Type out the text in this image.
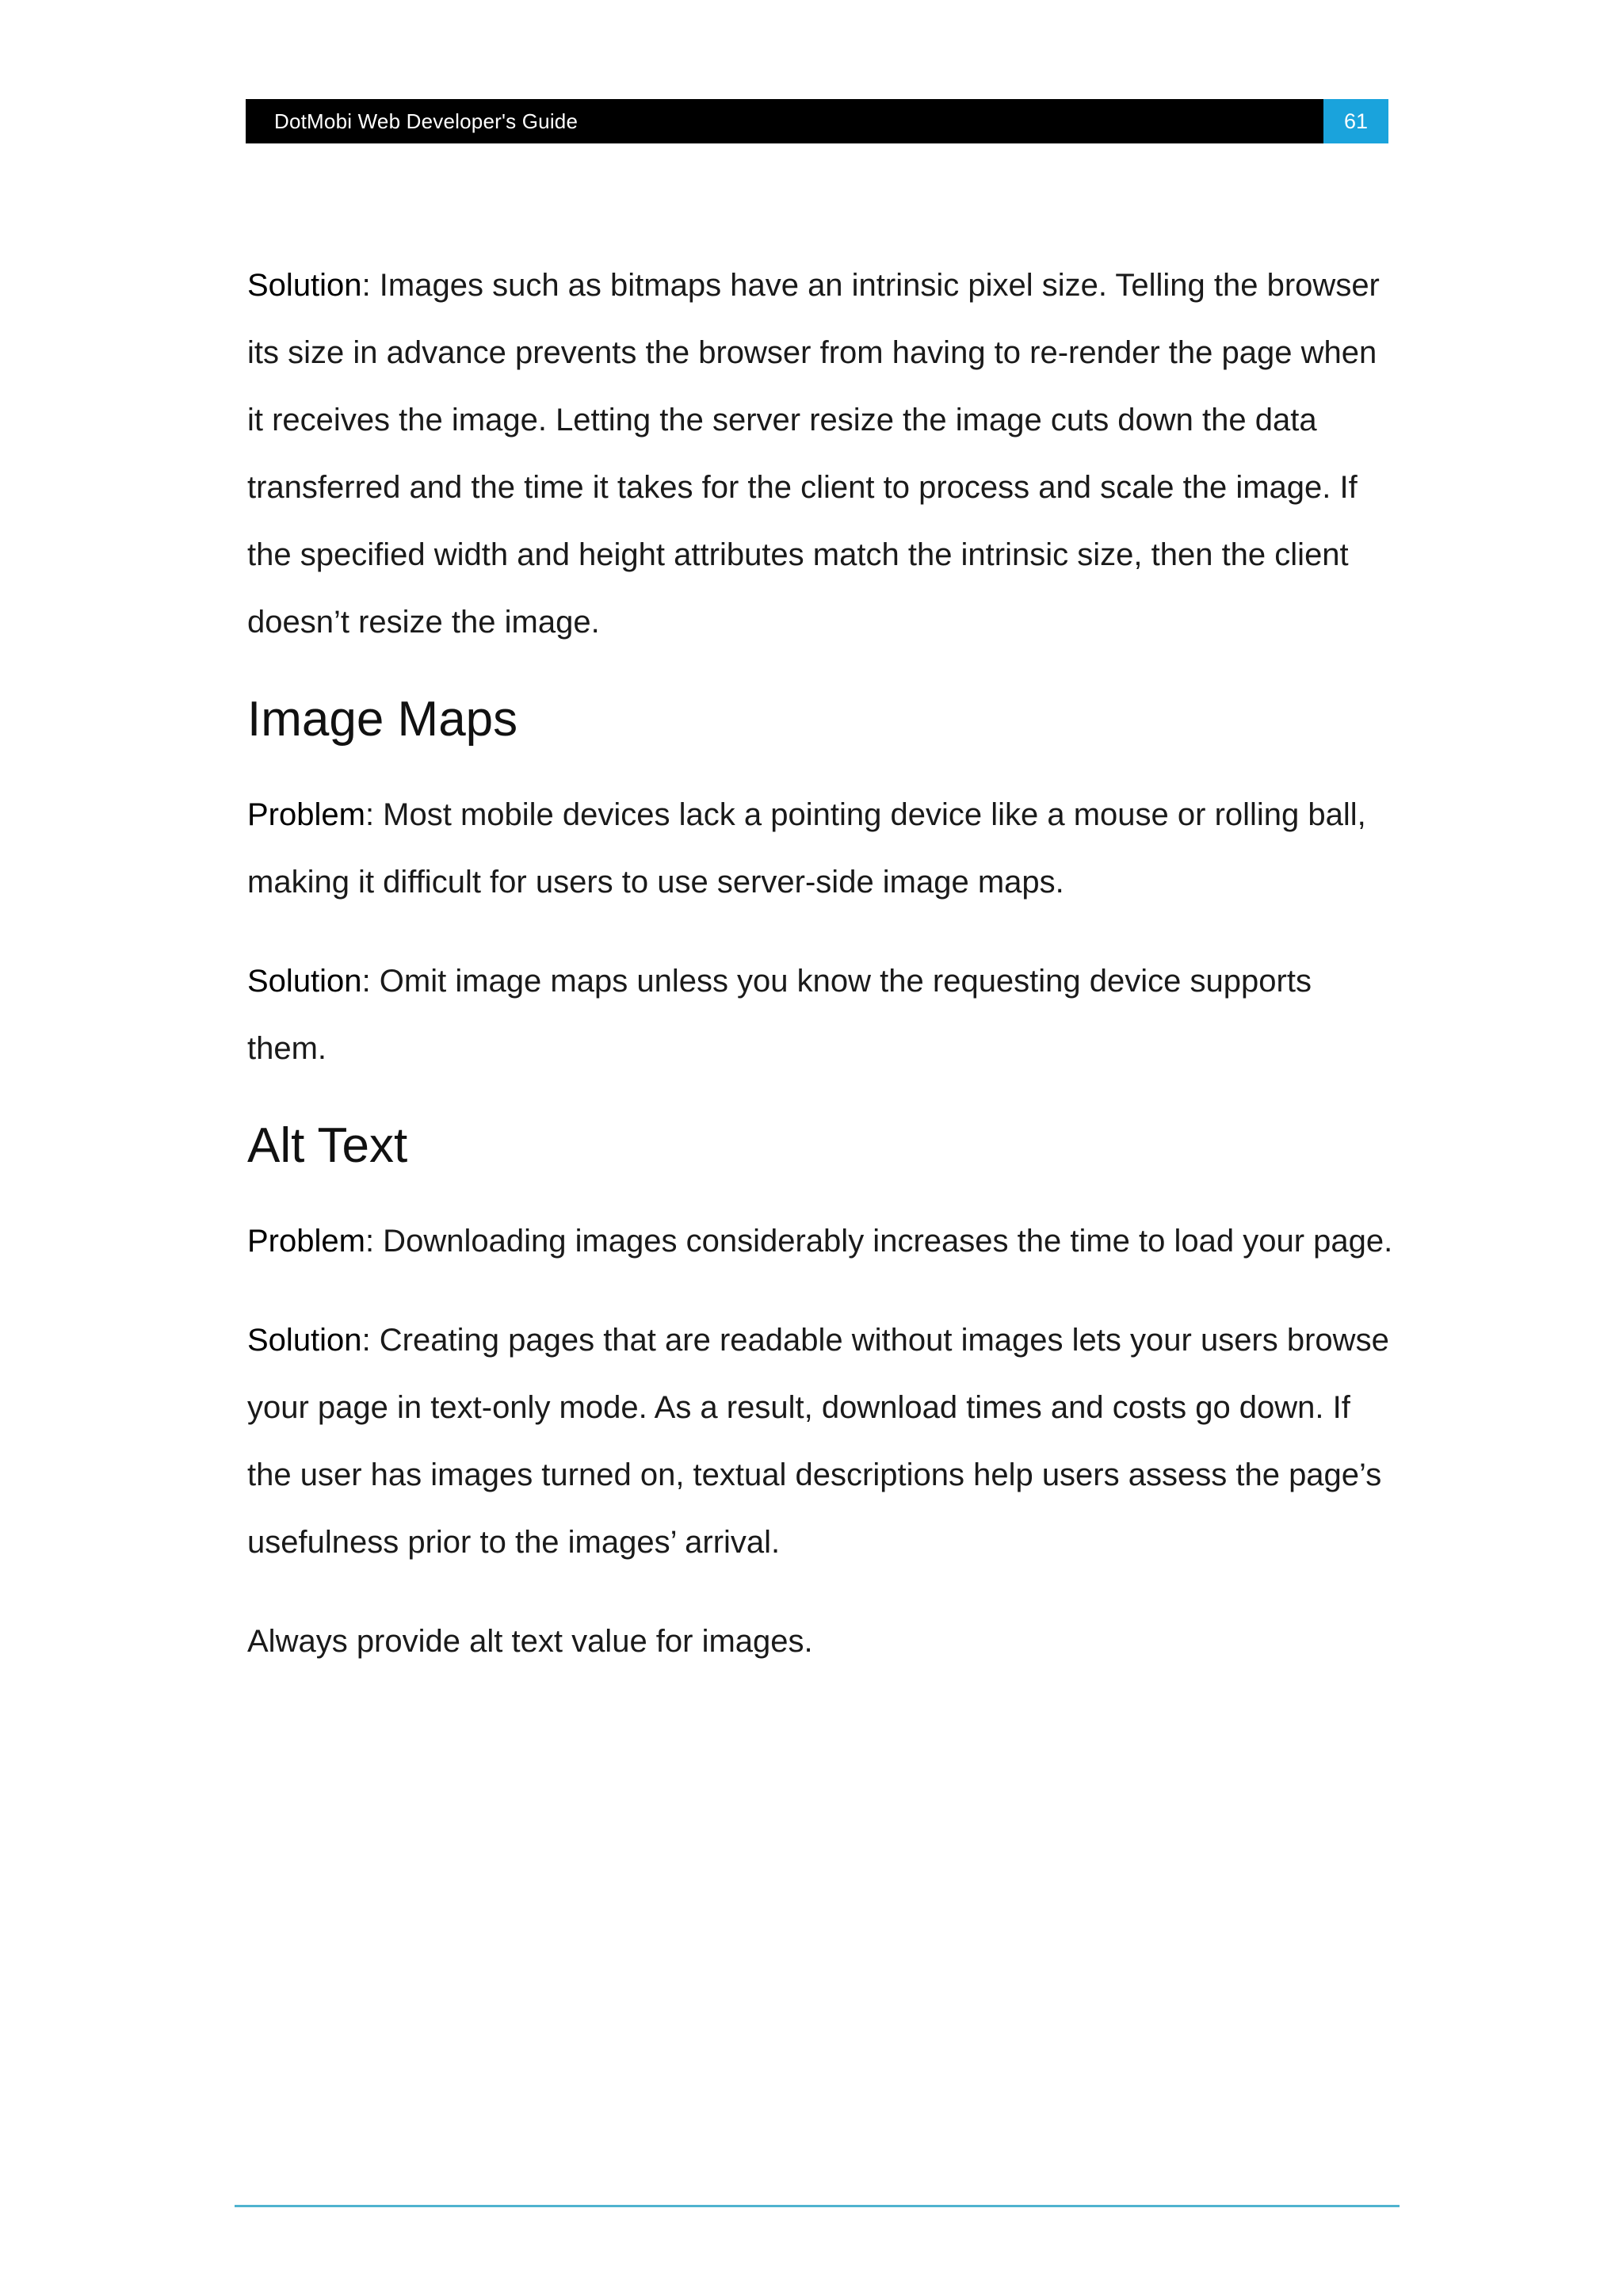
DotMobi Web Developer's Guide	61

Solution: Images such as bitmaps have an intrinsic pixel size. Telling the browser its size in advance prevents the browser from having to re-render the page when it receives the image. Letting the server resize the image cuts down the data transferred and the time it takes for the client to process and scale the image. If the specified width and height attributes match the intrinsic size, then the client doesn’t resize the image.

Image Maps

Problem: Most mobile devices lack a pointing device like a mouse or rolling ball, making it difficult for users to use server-side image maps.

Solution: Omit image maps unless you know the requesting device supports them.

Alt Text

Problem: Downloading images considerably increases the time to load your page.

Solution: Creating pages that are readable without images lets your users browse your page in text-only mode. As a result, download times and costs go down. If the user has images turned on, textual descriptions help users assess the page’s usefulness prior to the images’ arrival.

Always provide alt text value for images.
